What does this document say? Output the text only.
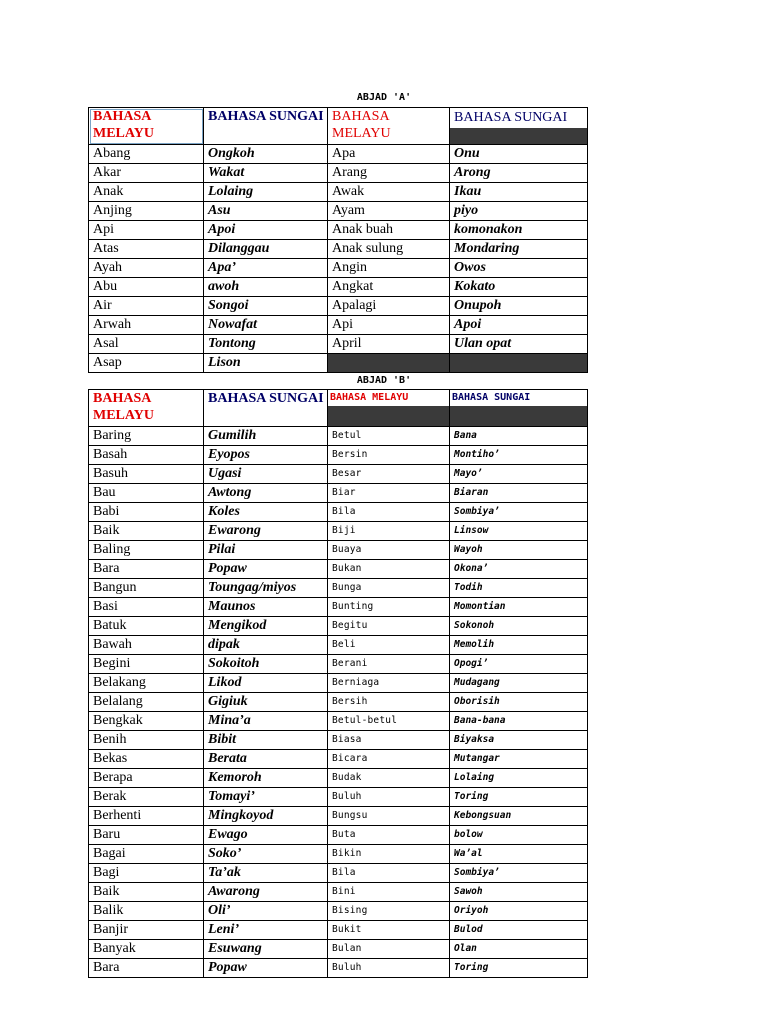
ABJAD 'A'
BAHASA MELAYU	BAHASA SUNGAI	BAHASA MELAYU	BAHASA SUNGAI

Abang	Ongkoh	Apa	Onu
Akar	Wakat	Arang	Arong
Anak	Lolaing	Awak	Ikau
Anjing	Asu	Ayam	piyo
Api	Apoi	Anak buah	komonakon
Atas	Dilanggau	Anak sulung	Mondaring
Ayah	Apa’	Angin	Owos
Abu	awoh	Angkat	Kokato
Air	Songoi	Apalagi	Onupoh
Arwah	Nowafat	Api	Apoi
Asal	Tontong	April	Ulan opat
Asap	Lison		
ABJAD 'B'
BAHASA MELAYU	BAHASA SUNGAI	BAHASA MELAYU	BAHASA SUNGAI

Baring	Gumilih	Betul	Bana
Basah	Eyopos	Bersin	Montiho’
Basuh	Ugasi	Besar	Mayo’
Bau	Awtong	Biar	Biaran
Babi	Koles	Bila	Sombiya’
Baik	Ewarong	Biji	Linsow
Baling	Pilai	Buaya	Wayoh
Bara	Popaw	Bukan	Okona’
Bangun	Toungag/miyos	Bunga	Todih
Basi	Maunos	Bunting	Momontian
Batuk	Mengikod	Begitu	Sokonoh
Bawah	dipak	Beli	Memolih
Begini	Sokoitoh	Berani	Opogi’
Belakang	Likod	Berniaga	Mudagang
Belalang	Gigiuk	Bersih	Oborisih
Bengkak	Mina’a	Betul-betul	Bana-bana
Benih	Bibit	Biasa	Biyaksa
Bekas	Berata	Bicara	Mutangar
Berapa	Kemoroh	Budak	Lolaing
Berak	Tomayi’	Buluh	Toring
Berhenti	Mingkoyod	Bungsu	Kebongsuan
Baru	Ewago	Buta	bolow
Bagai	Soko’	Bikin	Wa’al
Bagi	Ta’ak	Bila	Sombiya’
Baik	Awarong	Bini	Sawoh
Balik	Oli’	Bising	Oriyoh
Banjir	Leni’	Bukit	Bulod
Banyak	Esuwang	Bulan	Olan
Bara	Popaw	Buluh	Toring
